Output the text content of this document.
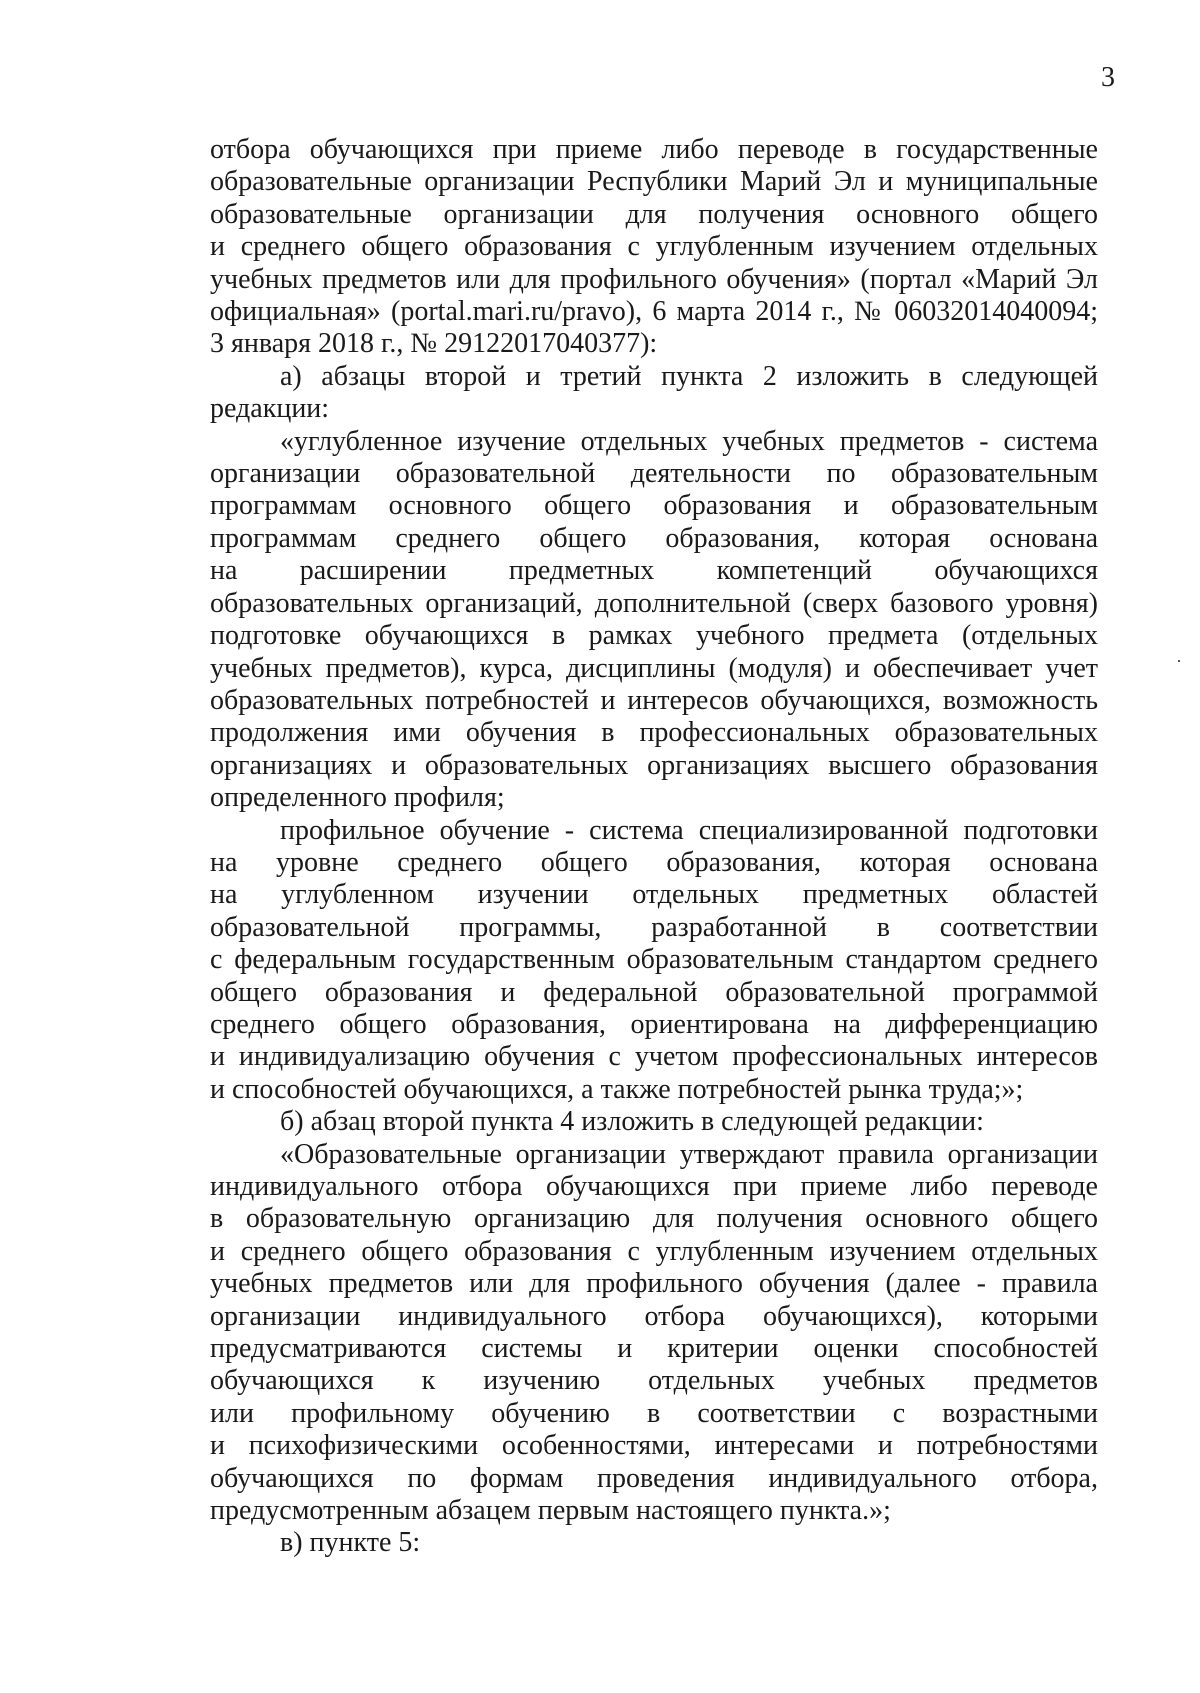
3
отбора обучающихся при приеме либо переводе в государственные
образовательные организации Республики Марий Эл и муниципальные
образовательные организации для получения основного общего
и среднего общего образования с углубленным изучением отдельных
учебных предметов или для профильного обучения» (портал «Марий Эл
официальная» (portal.mari.ru/pravo), 6 марта 2014 г., № 06032014040094;
3 января 2018 г., № 29122017040377):
а) абзацы второй и третий пункта 2 изложить в следующей
редакции:
«углубленное изучение отдельных учебных предметов - система
организации образовательной деятельности по образовательным
программам основного общего образования и образовательным
программам среднего общего образования, которая основана
на расширении предметных компетенций обучающихся
образовательных организаций, дополнительной (сверх базового уровня)
подготовке обучающихся в рамках учебного предмета (отдельных
учебных предметов), курса, дисциплины (модуля) и обеспечивает учет
образовательных потребностей и интересов обучающихся, возможность
продолжения ими обучения в профессиональных образовательных
организациях и образовательных организациях высшего образования
определенного профиля;
профильное обучение - система специализированной подготовки
на уровне среднего общего образования, которая основана
на углубленном изучении отдельных предметных областей
образовательной программы, разработанной в соответствии
с федеральным государственным образовательным стандартом среднего
общего образования и федеральной образовательной программой
среднего общего образования, ориентирована на дифференциацию
и индивидуализацию обучения с учетом профессиональных интересов
и способностей обучающихся, а также потребностей рынка труда;»;
б) абзац второй пункта 4 изложить в следующей редакции:
«Образовательные организации утверждают правила организации
индивидуального отбора обучающихся при приеме либо переводе
в образовательную организацию для получения основного общего
и среднего общего образования с углубленным изучением отдельных
учебных предметов или для профильного обучения (далее - правила
организации индивидуального отбора обучающихся), которыми
предусматриваются системы и критерии оценки способностей
обучающихся к изучению отдельных учебных предметов
или профильному обучению в соответствии с возрастными
и психофизическими особенностями, интересами и потребностями
обучающихся по формам проведения индивидуального отбора,
предусмотренным абзацем первым настоящего пункта.»;
в) пункте 5:
